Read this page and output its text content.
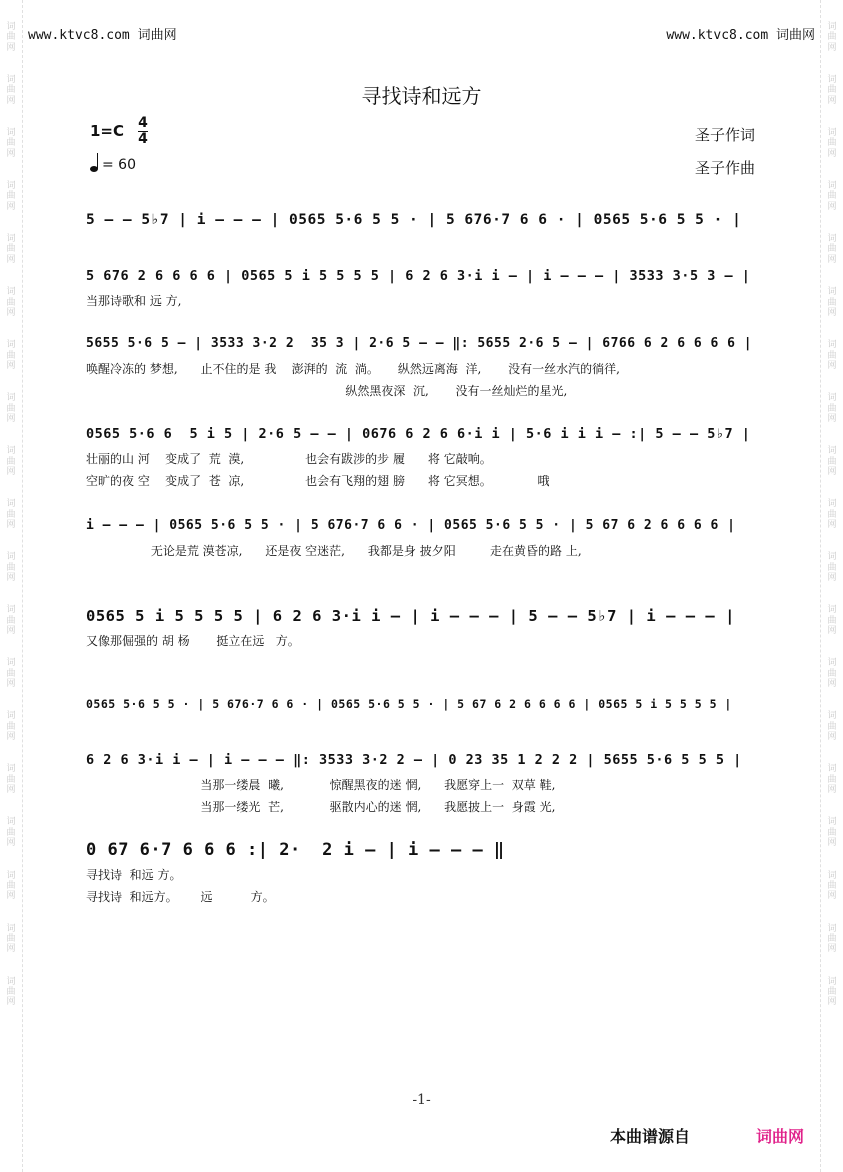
词
曲
网
词
曲
网
词
曲
网
词
曲
网
词
曲
网
词
曲
网
词
曲
网
词
曲
网
词
曲
网
词
曲
网
词
曲
网
词
曲
网
词
曲
网
词
曲
网
词
曲
网
词
曲
网
词
曲
网
词
曲
网
词
曲
网
词
曲
网
词
曲
网
词
曲
网
词
曲
网
词
曲
网
词
曲
网
词
曲
网
词
曲
网
词
曲
网
词
曲
网
词
曲
网
词
曲
网
词
曲
网
词
曲
网
词
曲
网
词
曲
网
词
曲
网
词
曲
网
词
曲
网
www.ktvc8.com 词曲网	www.ktvc8.com 词曲网
寻找诗和远方
1=C 4
4
= 60
圣子作词
圣子作曲
5 — — 5♭7 | i — — — | 0565 5·6 5 5 · | 5 676·7 6 6 · | 0565 5·6 5 5 · |
5 676 2 6 6 6 6 | 0565 5 i 5 5 5 5 | 6 2 6 3·i i — | i — — — | 3533 3·5 3 — |
当那诗歌和 远 方,
5655 5·6 5 — | 3533 3·2 2  35 3 | 2·6 5 — — ‖: 5655 2·6 5 — | 6766 6 2 6 6 6 6 |
唤醒冷冻的 梦想,      止不住的是 我    澎湃的  流  淌。     纵然远离海  洋,       没有一丝水汽的徜徉,
纵然黑夜深  沉,       没有一丝灿烂的星光,
0565 5·6 6  5 i 5 | 2·6 5 — — | 0676 6 2 6 6·i i | 5·6 i i i — :| 5 — — 5♭7 |
壮丽的山 河    变成了  荒  漠,                也会有跋涉的步 履      将 它敲响。
空旷的夜 空    变成了  苍  凉,                也会有飞翔的翅 膀      将 它冥想。            哦
i — — — | 0565 5·6 5 5 · | 5 676·7 6 6 · | 0565 5·6 5 5 · | 5 67 6 2 6 6 6 6 |
无论是荒 漠苍凉,      还是夜 空迷茫,      我都是身 披夕阳         走在黄昏的路 上,
0565 5 i 5 5 5 5 | 6 2 6 3·i i — | i — — — | 5 — — 5♭7 | i — — — |
又像那倔强的 胡 杨       挺立在远   方。
0565 5·6 5 5 · | 5 676·7 6 6 · | 0565 5·6 5 5 · | 5 67 6 2 6 6 6 6 | 0565 5 i 5 5 5 5 |
6 2 6 3·i i — | i — — — ‖: 3533 3·2 2 — | 0 23 35 1 2 2 2 | 5655 5·6 5 5 5 |
当那一缕晨  曦,            惊醒黑夜的迷 惘,      我愿穿上一  双草 鞋,
当那一缕光  芒,            驱散内心的迷 惘,      我愿披上一  身霞 光,
0 67 6·7 6 6 6 :| 2·  2 i — | i — — — ‖
寻找诗  和远 方。
寻找诗  和远方。      远          方。
-1-
本曲谱源自	词曲网
